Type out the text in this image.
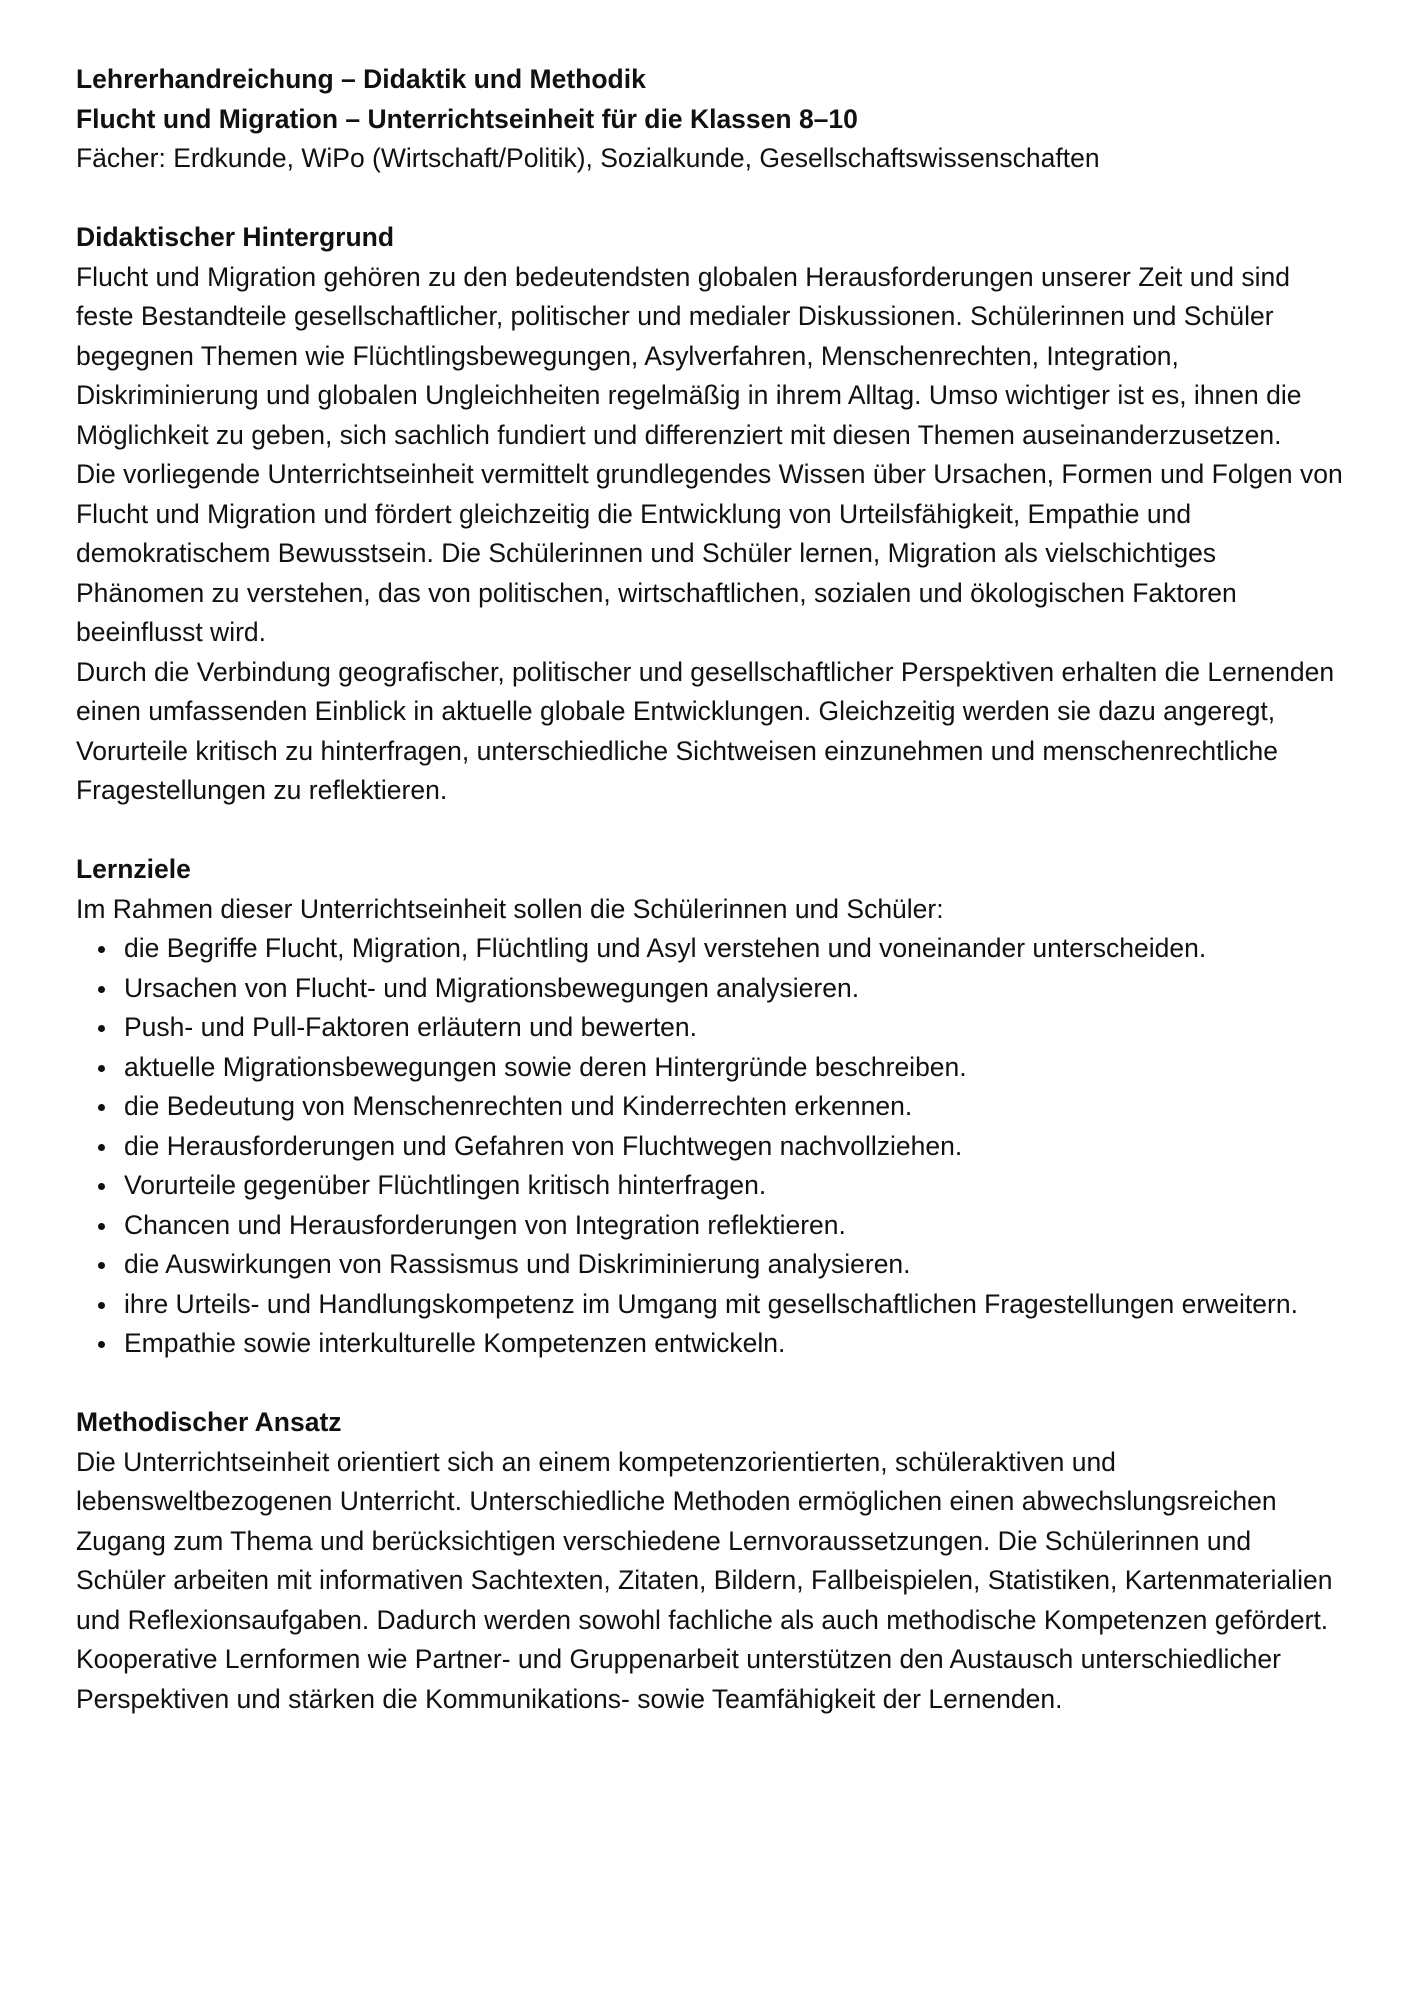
Lehrerhandreichung – Didaktik und Methodik
Flucht und Migration – Unterrichtseinheit für die Klassen 8–10
Fächer: Erdkunde, WiPo (Wirtschaft/Politik), Sozialkunde, Gesellschaftswissenschaften
Didaktischer Hintergrund

Flucht und Migration gehören zu den bedeutendsten globalen Herausforderungen unserer Zeit und sind feste Bestandteile gesellschaftlicher, politischer und medialer Diskussionen. Schülerinnen und Schüler begegnen Themen wie Flüchtlingsbewegungen, Asylverfahren, Menschenrechten, Integration, Diskriminierung und globalen Ungleichheiten regelmäßig in ihrem Alltag. Umso wichtiger ist es, ihnen die Möglichkeit zu geben, sich sachlich fundiert und differenziert mit diesen Themen auseinanderzusetzen.

Die vorliegende Unterrichtseinheit vermittelt grundlegendes Wissen über Ursachen, Formen und Folgen von Flucht und Migration und fördert gleichzeitig die Entwicklung von Urteilsfähigkeit, Empathie und demokratischem Bewusstsein. Die Schülerinnen und Schüler lernen, Migration als vielschichtiges Phänomen zu verstehen, das von politischen, wirtschaftlichen, sozialen und ökologischen Faktoren beeinflusst wird.

Durch die Verbindung geografischer, politischer und gesellschaftlicher Perspektiven erhalten die Lernenden einen umfassenden Einblick in aktuelle globale Entwicklungen. Gleichzeitig werden sie dazu angeregt, Vorurteile kritisch zu hinterfragen, unterschiedliche Sichtweisen einzunehmen und menschenrechtliche Fragestellungen zu reflektieren.

Lernziele

Im Rahmen dieser Unterrichtseinheit sollen die Schülerinnen und Schüler:

die Begriffe Flucht, Migration, Flüchtling und Asyl verstehen und voneinander unterscheiden.
Ursachen von Flucht- und Migrationsbewegungen analysieren.
Push- und Pull-Faktoren erläutern und bewerten.
aktuelle Migrationsbewegungen sowie deren Hintergründe beschreiben.
die Bedeutung von Menschenrechten und Kinderrechten erkennen.
die Herausforderungen und Gefahren von Fluchtwegen nachvollziehen.
Vorurteile gegenüber Flüchtlingen kritisch hinterfragen.
Chancen und Herausforderungen von Integration reflektieren.
die Auswirkungen von Rassismus und Diskriminierung analysieren.
ihre Urteils- und Handlungskompetenz im Umgang mit gesellschaftlichen Fragestellungen erweitern.
Empathie sowie interkulturelle Kompetenzen entwickeln.
Methodischer Ansatz

Die Unterrichtseinheit orientiert sich an einem kompetenzorientierten, schüleraktiven und lebensweltbezogenen Unterricht. Unterschiedliche Methoden ermöglichen einen abwechslungsreichen Zugang zum Thema und berücksichtigen verschiedene Lernvoraussetzungen. Die Schülerinnen und Schüler arbeiten mit informativen Sachtexten, Zitaten, Bildern, Fallbeispielen, Statistiken, Kartenmaterialien und Reflexionsaufgaben. Dadurch werden sowohl fachliche als auch methodische Kompetenzen gefördert.

Kooperative Lernformen wie Partner- und Gruppenarbeit unterstützen den Austausch unterschiedlicher Perspektiven und stärken die Kommunikations- sowie Teamfähigkeit der Lernenden.
